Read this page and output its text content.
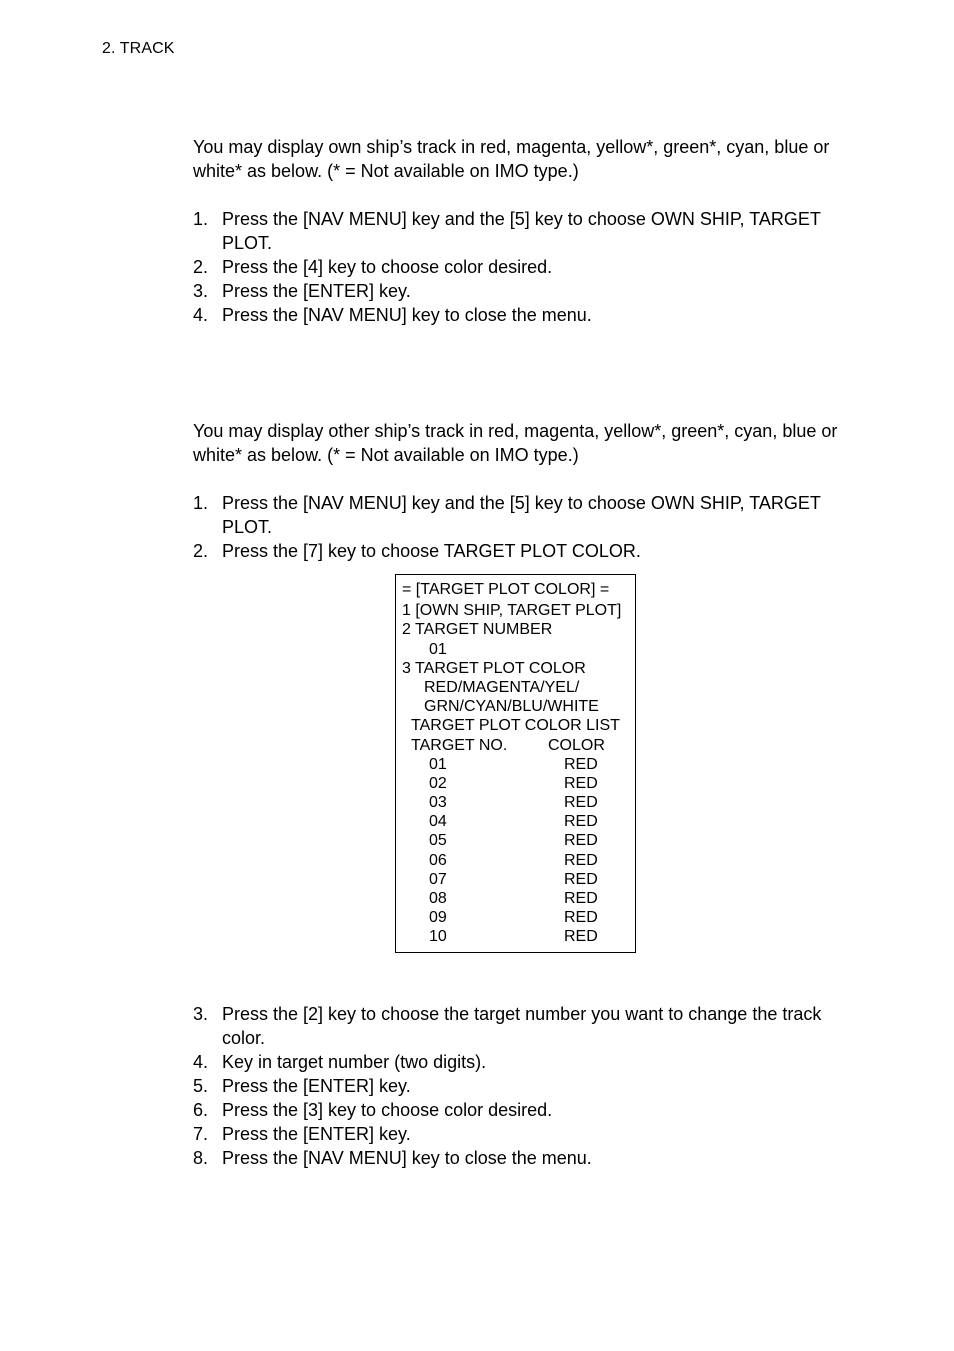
2. TRACK

You may display own ship’s track in red, magenta, yellow*, green*, cyan, blue or white* as below. (* = Not available on IMO type.)

1. Press the [NAV MENU] key and the [5] key to choose OWN SHIP, TARGET PLOT.
2. Press the [4] key to choose color desired.
3. Press the [ENTER] key.
4. Press the [NAV MENU] key to close the menu.

You may display other ship’s track in red, magenta, yellow*, green*, cyan, blue or white* as below. (* = Not available on IMO type.)

1. Press the [NAV MENU] key and the [5] key to choose OWN SHIP, TARGET PLOT.
2. Press the [7] key to choose TARGET PLOT COLOR.
= [TARGET PLOT COLOR] =
1 [OWN SHIP, TARGET PLOT]
2 TARGET NUMBER
01
3 TARGET PLOT COLOR
RED/MAGENTA/YEL/
GRN/CYAN/BLU/WHITE
TARGET PLOT COLOR LIST
TARGET NO.	COLOR
01	RED
02	RED
03	RED
04	RED
05	RED
06	RED
07	RED
08	RED
09	RED
10	RED
3. Press the [2] key to choose the target number you want to change the track color.
4. Key in target number (two digits).
5. Press the [ENTER] key.
6. Press the [3] key to choose color desired.
7. Press the [ENTER] key.
8. Press the [NAV MENU] key to close the menu.
